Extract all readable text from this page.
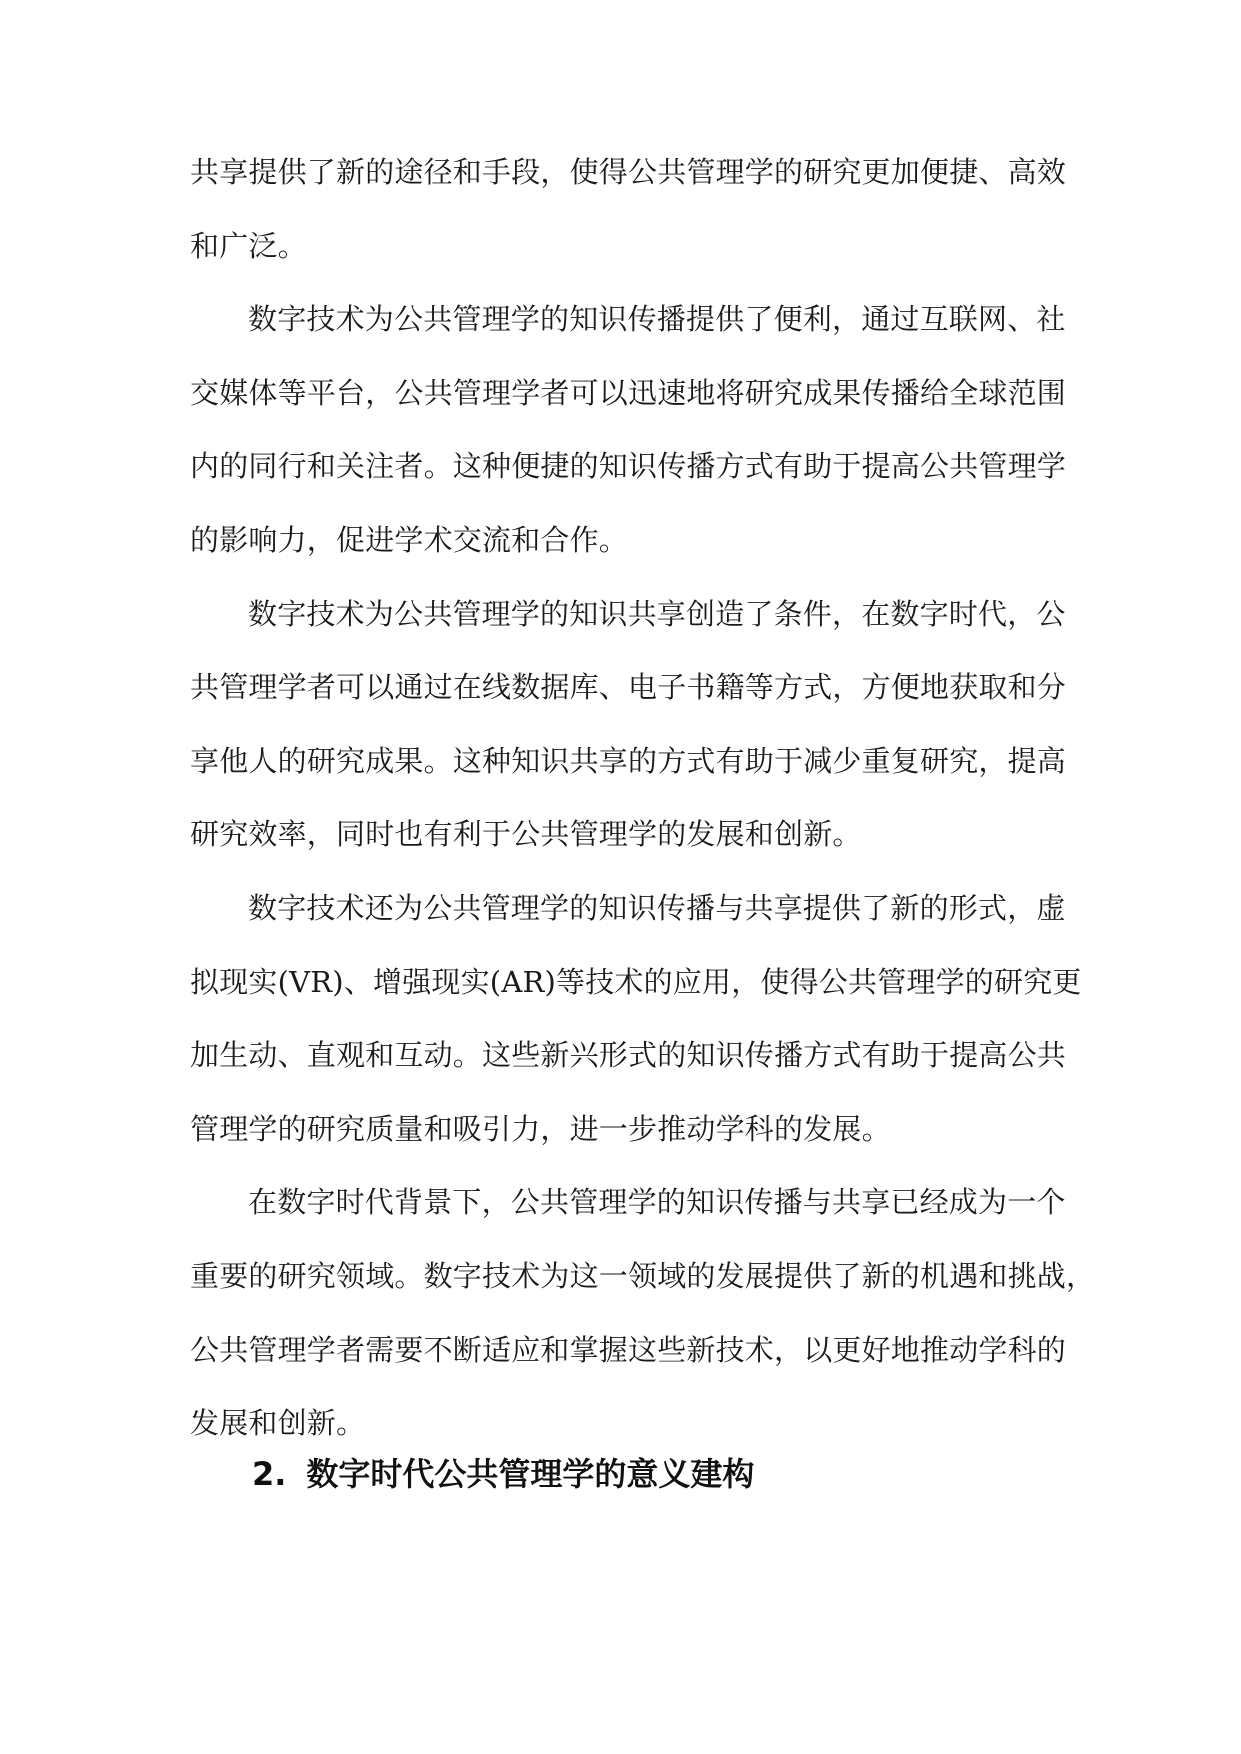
共享提供了新的途径和手段，使得公共管理学的研究更加便捷、高效
和广泛。
数字技术为公共管理学的知识传播提供了便利，通过互联网、社
交媒体等平台，公共管理学者可以迅速地将研究成果传播给全球范围
内的同行和关注者。这种便捷的知识传播方式有助于提高公共管理学
的影响力，促进学术交流和合作。
数字技术为公共管理学的知识共享创造了条件，在数字时代，公
共管理学者可以通过在线数据库、电子书籍等方式，方便地获取和分
享他人的研究成果。这种知识共享的方式有助于减少重复研究，提高
研究效率，同时也有利于公共管理学的发展和创新。
数字技术还为公共管理学的知识传播与共享提供了新的形式，虚
拟现实(VR)、增强现实(AR)等技术的应用，使得公共管理学的研究更
加生动、直观和互动。这些新兴形式的知识传播方式有助于提高公共
管理学的研究质量和吸引力，进一步推动学科的发展。
在数字时代背景下，公共管理学的知识传播与共享已经成为一个
重要的研究领域。数字技术为这一领域的发展提供了新的机遇和挑战，
公共管理学者需要不断适应和掌握这些新技术，以更好地推动学科的
发展和创新。
2. 数字时代公共管理学的意义建构
